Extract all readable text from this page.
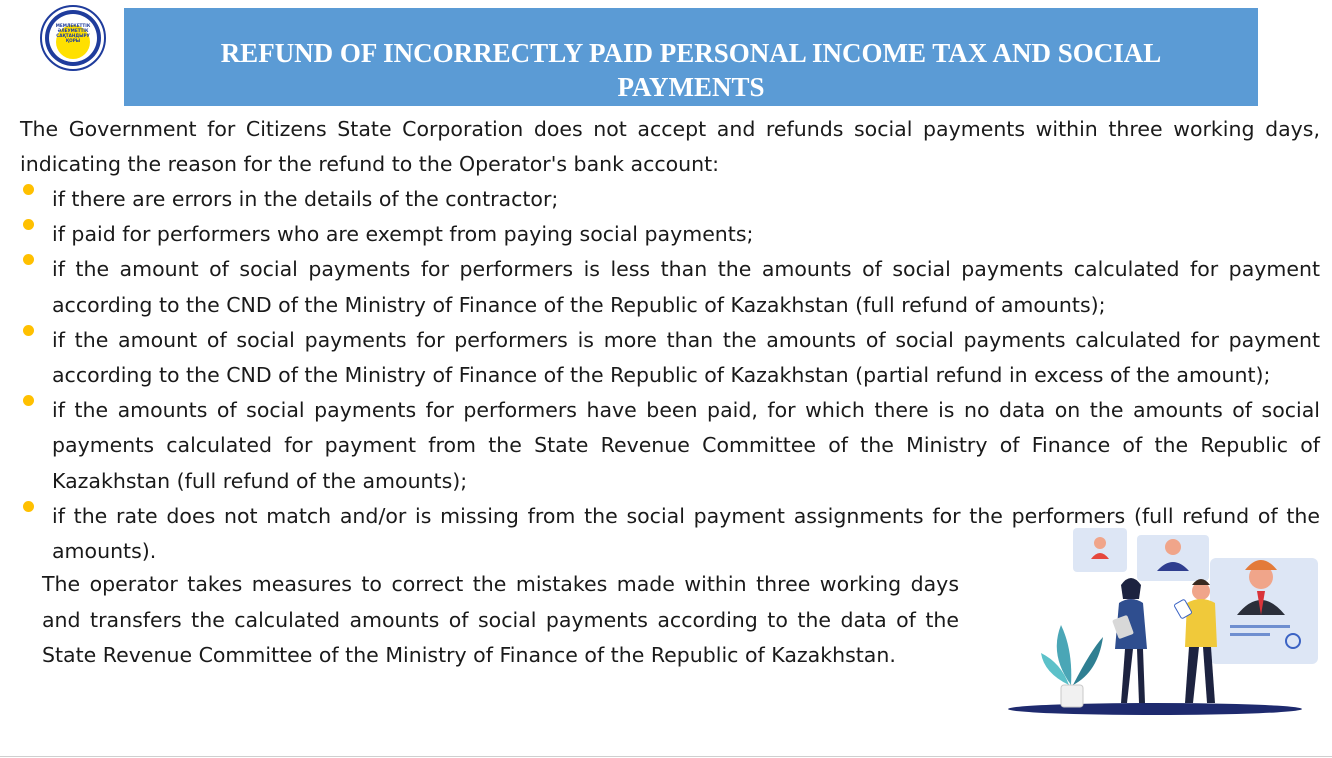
МЕМЛЕКЕТТІК
ӘЛЕУМЕТТІК
САҚТАНДЫРУ
ҚОРЫ	REFUND OF INCORRECTLY PAID PERSONAL INCOME TAX AND SOCIAL PAYMENTS

The Government for Citizens State Corporation does not accept and refunds social payments within three working days, indicating the reason for the refund to the Operator's bank account:

if there are errors in the details of the contractor;
if paid for performers who are exempt from paying social payments;
if the amount of social payments for performers is less than the amounts of social payments calculated for payment according to the CND of the Ministry of Finance of the Republic of Kazakhstan (full refund of amounts);
if the amount of social payments for performers is more than the amounts of social payments calculated for payment according to the CND of the Ministry of Finance of the Republic of Kazakhstan (partial refund in excess of the amount);
if the amounts of social payments for performers have been paid, for which there is no data on the amounts of social payments calculated for payment from the State Revenue Committee of the Ministry of Finance of the Republic of Kazakhstan (full refund of the amounts);
if the rate does not match and/or is missing from the social payment assignments for the performers (full refund of the amounts).

The operator takes measures to correct the mistakes made within three working days and transfers the calculated amounts of social payments according to the data of the State Revenue Committee of the Ministry of Finance of the Republic of Kazakhstan.
